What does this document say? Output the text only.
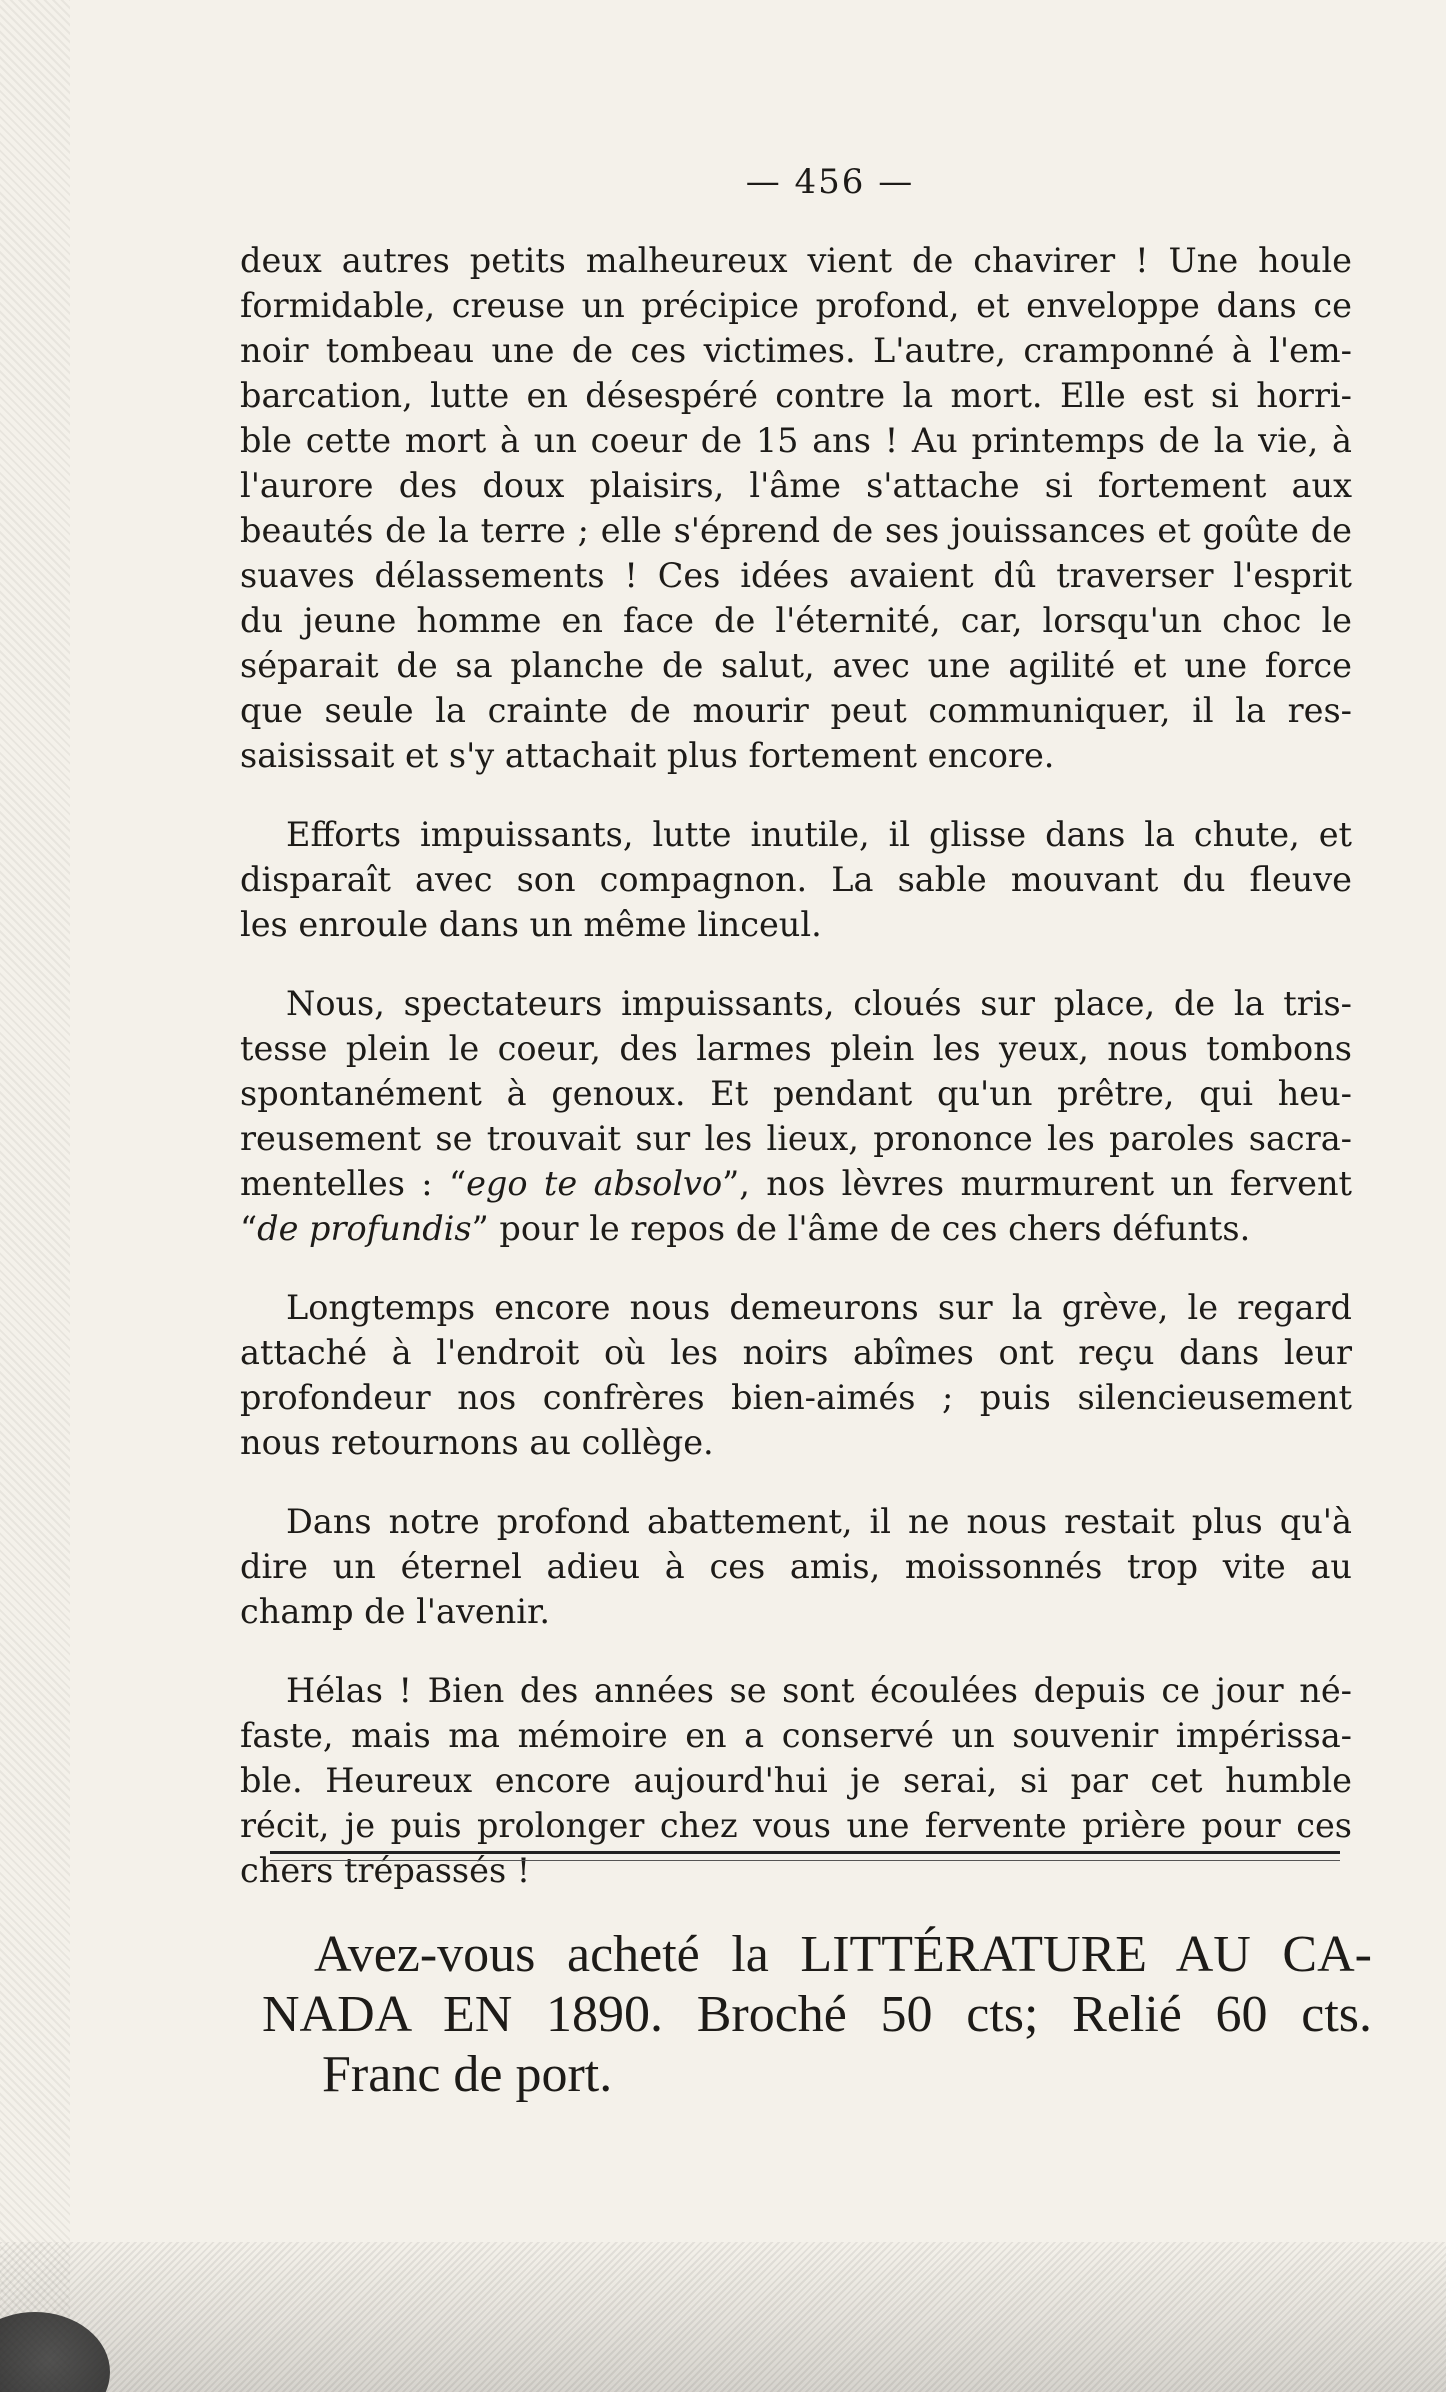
— 456 —

deux autres petits malheureux vient de chavirer ! Une houle
formidable, creuse un précipice profond, et enveloppe dans ce
noir tombeau une de ces victimes. L'autre, cramponné à l'em-
barcation, lutte en désespéré contre la mort. Elle est si horri-
ble cette mort à un coeur de 15 ans ! Au printemps de la vie, à
l'aurore des doux plaisirs, l'âme s'attache si fortement aux
beautés de la terre ; elle s'éprend de ses jouissances et goûte de
suaves délassements ! Ces idées avaient dû traverser l'esprit
du jeune homme en face de l'éternité, car, lorsqu'un choc le
séparait de sa planche de salut, avec une agilité et une force
que seule la crainte de mourir peut communiquer, il la res-
saisissait et s'y attachait plus fortement encore.

Efforts impuissants, lutte inutile, il glisse dans la chute, et
disparaît avec son compagnon. La sable mouvant du fleuve
les enroule dans un même linceul.

Nous, spectateurs impuissants, cloués sur place, de la tris-
tesse plein le coeur, des larmes plein les yeux, nous tombons
spontanément à genoux. Et pendant qu'un prêtre, qui heu-
reusement se trouvait sur les lieux, prononce les paroles sacra-
mentelles : “ego te absolvo”, nos lèvres murmurent un fervent
“de profundis” pour le repos de l'âme de ces chers défunts.

Longtemps encore nous demeurons sur la grève, le regard
attaché à l'endroit où les noirs abîmes ont reçu dans leur
profondeur nos confrères bien-aimés ; puis silencieusement
nous retournons au collège.

Dans notre profond abattement, il ne nous restait plus qu'à
dire un éternel adieu à ces amis, moissonnés trop vite au
champ de l'avenir.

Hélas ! Bien des années se sont écoulées depuis ce jour né-
faste, mais ma mémoire en a conservé un souvenir impérissa-
ble. Heureux encore aujourd'hui je serai, si par cet humble
récit, je puis prolonger chez vous une fervente prière pour ces
chers trépassés !

Avez-vous acheté la LITTÉRATURE AU CA-
NADA EN 1890. Broché 50 cts; Relié 60 cts.
Franc de port.
